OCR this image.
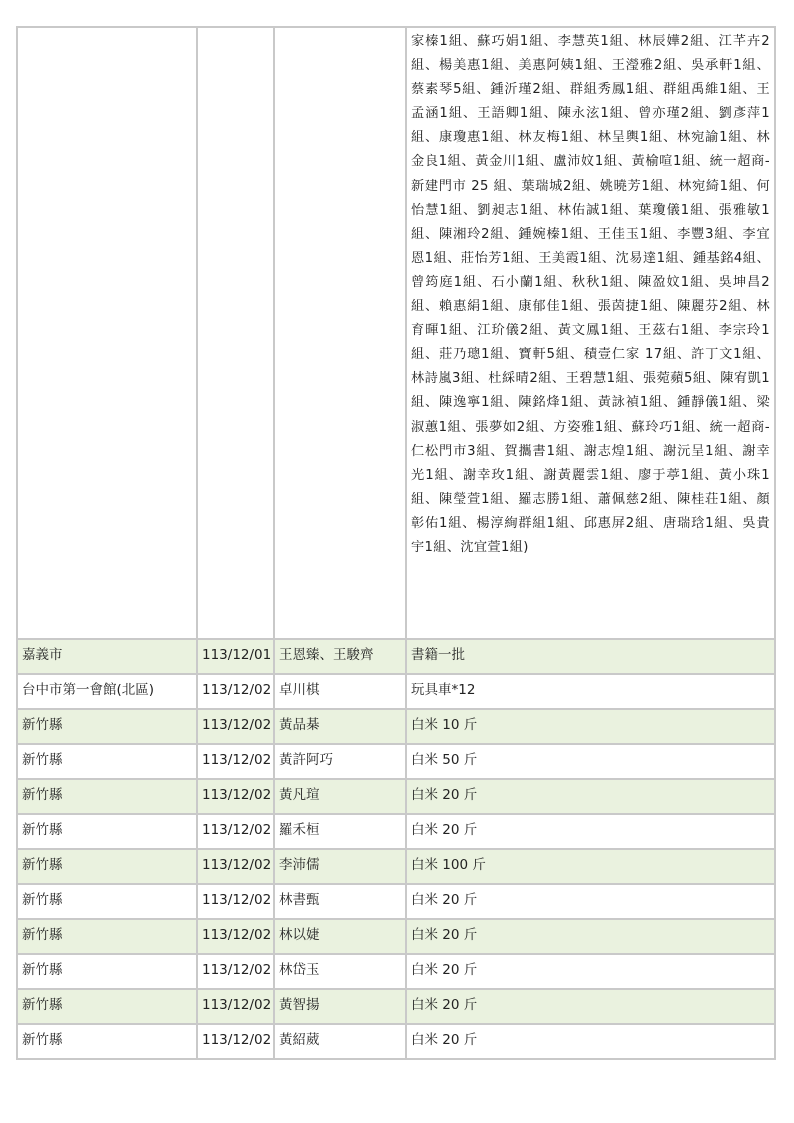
			家榛1組、蘇巧娟1組、李慧英1組、林辰嬅2組、江芊卉2組、楊美惠1組、美惠阿姨1組、王瀅雅2組、吳承軒1組、蔡素琴5組、鍾沂瑾2組、群組秀鳳1組、群組禹維1組、王孟涵1組、王語卿1組、陳永泫1組、曾亦瑾2組、劉彥萍1組、康瓊惠1組、林友梅1組、林呈輿1組、林宛諭1組、林金良1組、黃金川1組、盧沛妏1組、黃榆喧1組、統一超商-新建門市 25 組、葉瑞城2組、姚曉芳1組、林宛綺1組、何怡慧1組、劉昶志1組、林佑誠1組、葉瓊儀1組、張雅敏1組、陳湘玲2組、鍾婉榛1組、王佳玉1組、李豐3組、李宜恩1組、莊怡芳1組、王美霞1組、沈易達1組、鍾基銘4組、曾筠庭1組、石小蘭1組、秋秋1組、陳盈妏1組、吳坤昌2組、賴惠絹1組、康郁佳1組、張茵捷1組、陳麗芬2組、林育暉1組、江玠儀2組、黃文鳳1組、王茲右1組、李宗玲1組、莊乃璁1組、寶軒5組、積壹仁家 17組、許丁文1組、林詩嵐3組、杜綵晴2組、王碧慧1組、張菀蘋5組、陳宥凱1組、陳逸寧1組、陳銘烽1組、黃詠禎1組、鍾靜儀1組、梁淑蕙1組、張夢如2組、方姿雅1組、蘇玲巧1組、統一超商-仁松門市3組、賀攜書1組、謝志煌1組、謝沅呈1組、謝幸光1組、謝幸玫1組、謝黃麗雲1組、廖于葶1組、黃小珠1組、陳瑩萱1組、羅志勝1組、蕭佩慈2組、陳桂荘1組、顏彰佑1組、楊淳絢群組1組、邱惠屏2組、唐瑞琀1組、吳貴宇1組、沈宜萱1組)
嘉義市	113/12/01	王恩臻、王駿齊	書籍一批
台中市第一會館(北區)	113/12/02	卓川棋	玩具車*12
新竹縣	113/12/02	黃品棊	白米 10 斤
新竹縣	113/12/02	黃許阿巧	白米 50 斤
新竹縣	113/12/02	黃凡瑄	白米 20 斤
新竹縣	113/12/02	羅禾桓	白米 20 斤
新竹縣	113/12/02	李沛儒	白米 100 斤
新竹縣	113/12/02	林書甄	白米 20 斤
新竹縣	113/12/02	林以婕	白米 20 斤
新竹縣	113/12/02	林岱玉	白米 20 斤
新竹縣	113/12/02	黃智揚	白米 20 斤
新竹縣	113/12/02	黃紹葳	白米 20 斤
